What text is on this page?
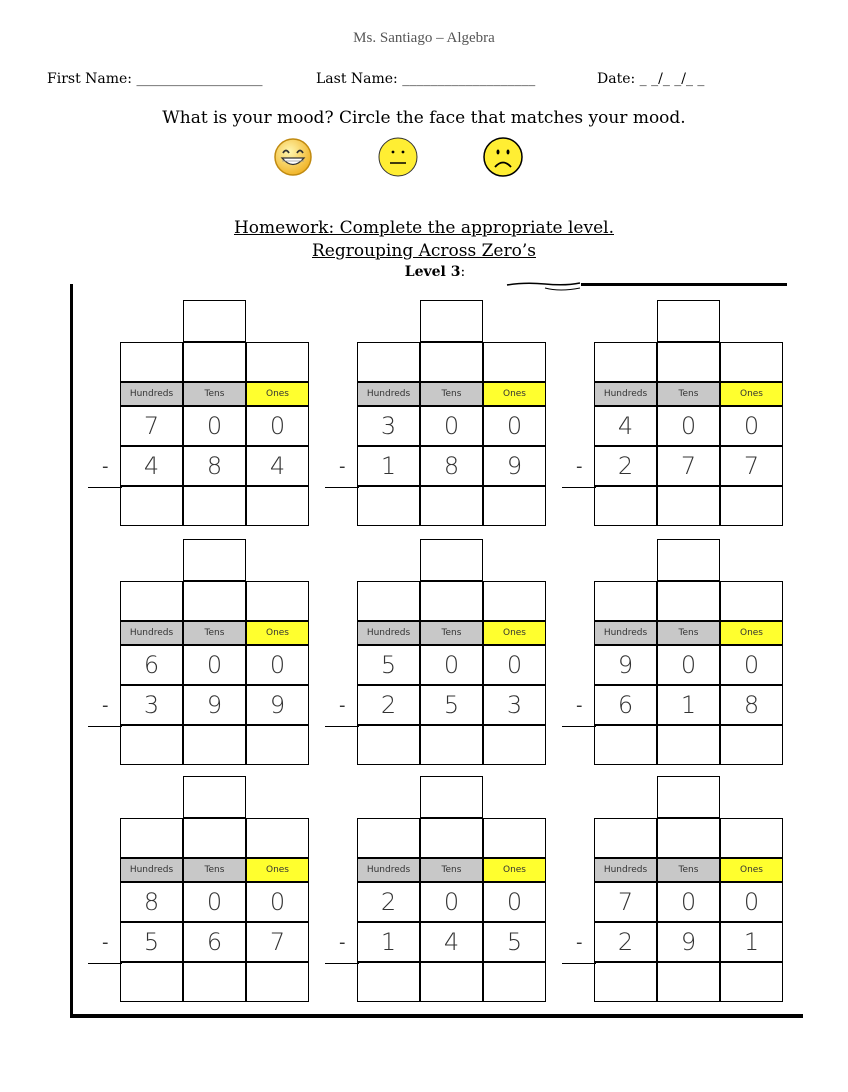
Ms. Santiago – Algebra
First Name: __________________	Last Name: ___________________	Date: _ _/_ _/_ _
What is your mood? Circle the face that matches your mood.
Homework: Complete the appropriate level.
Regrouping Across Zero’s
Level 3:
Hundreds	Tens	Ones
7	0	0
4	8	4
-
Hundreds	Tens	Ones
3	0	0
1	8	9
-
Hundreds	Tens	Ones
4	0	0
2	7	7
-
Hundreds	Tens	Ones
6	0	0
3	9	9
-
Hundreds	Tens	Ones
5	0	0
2	5	3
-
Hundreds	Tens	Ones
9	0	0
6	1	8
-
Hundreds	Tens	Ones
8	0	0
5	6	7
-
Hundreds	Tens	Ones
2	0	0
1	4	5
-
Hundreds	Tens	Ones
7	0	0
2	9	1
-
